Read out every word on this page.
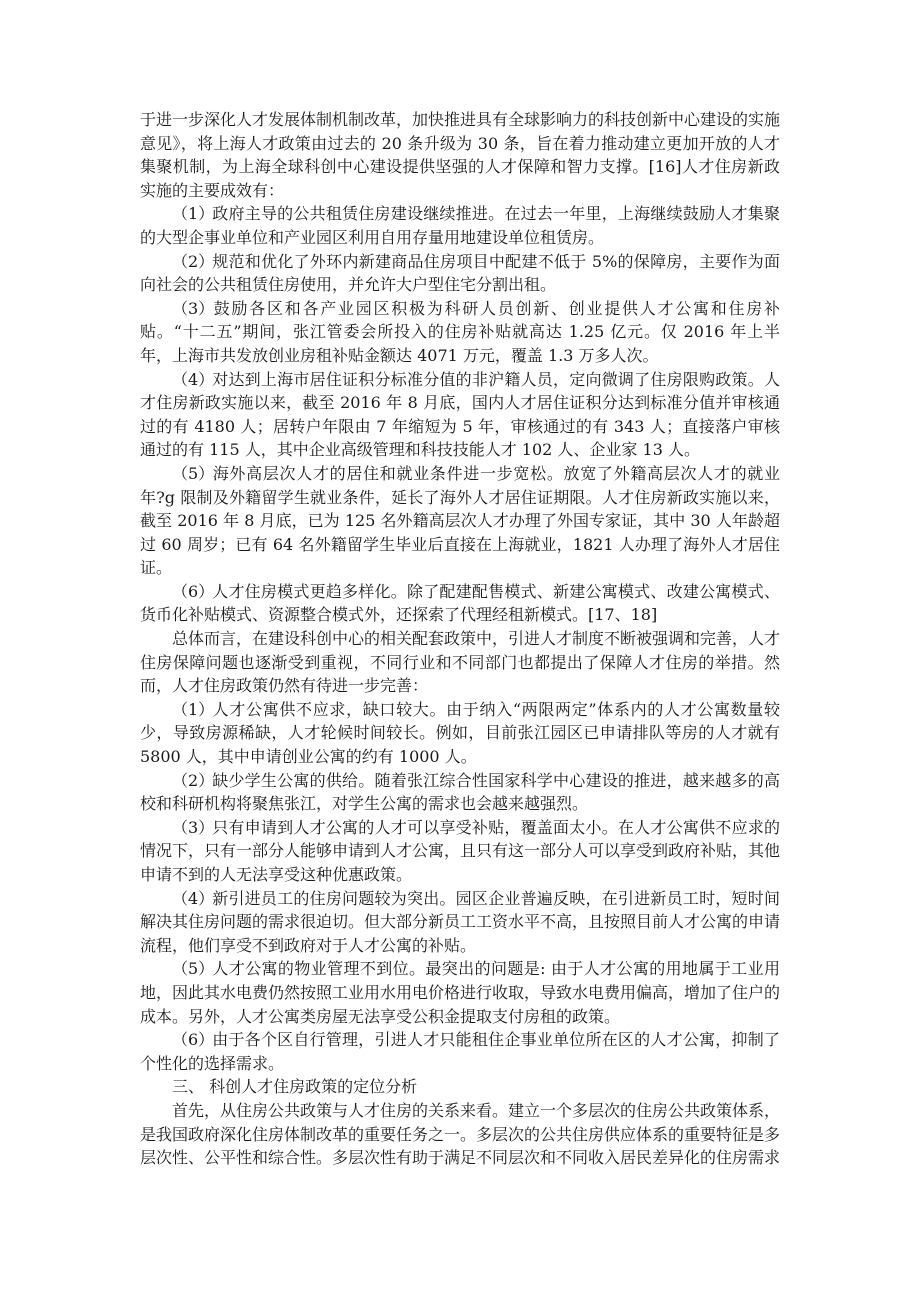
于进一步深化人才发展体制机制改革，加快推进具有全球影响力的科技创新中心建设的实施意见》，将上海人才政策由过去的 20 条升级为 30 条，旨在着力推动建立更加开放的人才集聚机制，为上海全球科创中心建设提供坚强的人才保障和智力支撑。[16]人才住房新政实施的主要成效有：

（1）政府主导的公共租赁住房建设继续推进。在过去一年里，上海继续鼓励人才集聚的大型企事业单位和产业园区利用自用存量用地建设单位租赁房。

（2）规范和优化了外环内新建商品住房项目中配建不低于 5%的保障房，主要作为面向社会的公共租赁住房使用，并允许大户型住宅分割出租。

（3）鼓励各区和各产业园区积极为科研人员创新、创业提供人才公寓和住房补贴。“十二五”期间，张江管委会所投入的住房补贴就高达 1.25 亿元。仅 2016 年上半年，上海市共发放创业房租补贴金额达 4071 万元，覆盖 1.3 万多人次。

（4）对达到上海市居住证积分标准分值的非沪籍人员，定向微调了住房限购政策。人才住房新政实施以来，截至 2016 年 8 月底，国内人才居住证积分达到标准分值并审核通过的有 4180 人；居转户年限由 7 年缩短为 5 年，审核通过的有 343 人；直接落户审核通过的有 115 人，其中企业高级管理和科技技能人才 102 人、企业家 13 人。

（5）海外高层次人才的居住和就业条件进一步宽松。放宽了外籍高层次人才的就业年?g 限制及外籍留学生就业条件，延长了海外人才居住证期限。人才住房新政实施以来，截至 2016 年 8 月底，已为 125 名外籍高层次人才办理了外国专家证，其中 30 人年龄超过 60 周岁；已有 64 名外籍留学生毕业后直接在上海就业，1821 人办理了海外人才居住证。

（6）人才住房模式更趋多样化。除了配建配售模式、新建公寓模式、改建公寓模式、货币化补贴模式、资源整合模式外，还探索了代理经租新模式。[17、18]

总体而言，在建设科创中心的相关配套政策中，引进人才制度不断被强调和完善，人才住房保障问题也逐渐受到重视，不同行业和不同部门也都提出了保障人才住房的举措。然而，人才住房政策仍然有待进一步完善：

（1）人才公寓供不应求，缺口较大。由于纳入“两限两定”体系内的人才公寓数量较少，导致房源稀缺，人才轮候时间较长。例如，目前张江园区已申请排队等房的人才就有 5800 人，其中申请创业公寓的约有 1000 人。

（2）缺少学生公寓的供给。随着张江综合性国家科学中心建设的推进，越来越多的高校和科研机构将聚焦张江，对学生公寓的需求也会越来越强烈。

（3）只有申请到人才公寓的人才可以享受补贴，覆盖面太小。在人才公寓供不应求的情况下，只有一部分人能够申请到人才公寓，且只有这一部分人可以享受到政府补贴，其他申请不到的人无法享受这种优惠政策。

（4）新引进员工的住房问题较为突出。园区企业普遍反映，在引进新员工时，短时间解决其住房问题的需求很迫切。但大部分新员工工资水平不高，且按照目前人才公寓的申请流程，他们享受不到政府对于人才公寓的补贴。

（5）人才公寓的物业管理不到位。最突出的问题是: 由于人才公寓的用地属于工业用地，因此其水电费仍然按照工业用水用电价格进行收取，导致水电费用偏高，增加了住户的成本。另外，人才公寓类房屋无法享受公积金提取支付房租的政策。

（6）由于各个区自行管理，引进人才只能租住企事业单位所在区的人才公寓，抑制了个性化的选择需求。

三、 科创人才住房政策的定位分析

首先，从住房公共政策与人才住房的关系来看。建立一个多层次的住房公共政策体系，是我国政府深化住房体制改革的重要任务之一。多层次的公共住房供应体系的重要特征是多层次性、公平性和综合性。多层次性有助于满足不同层次和不同收入居民差异化的住房需求
